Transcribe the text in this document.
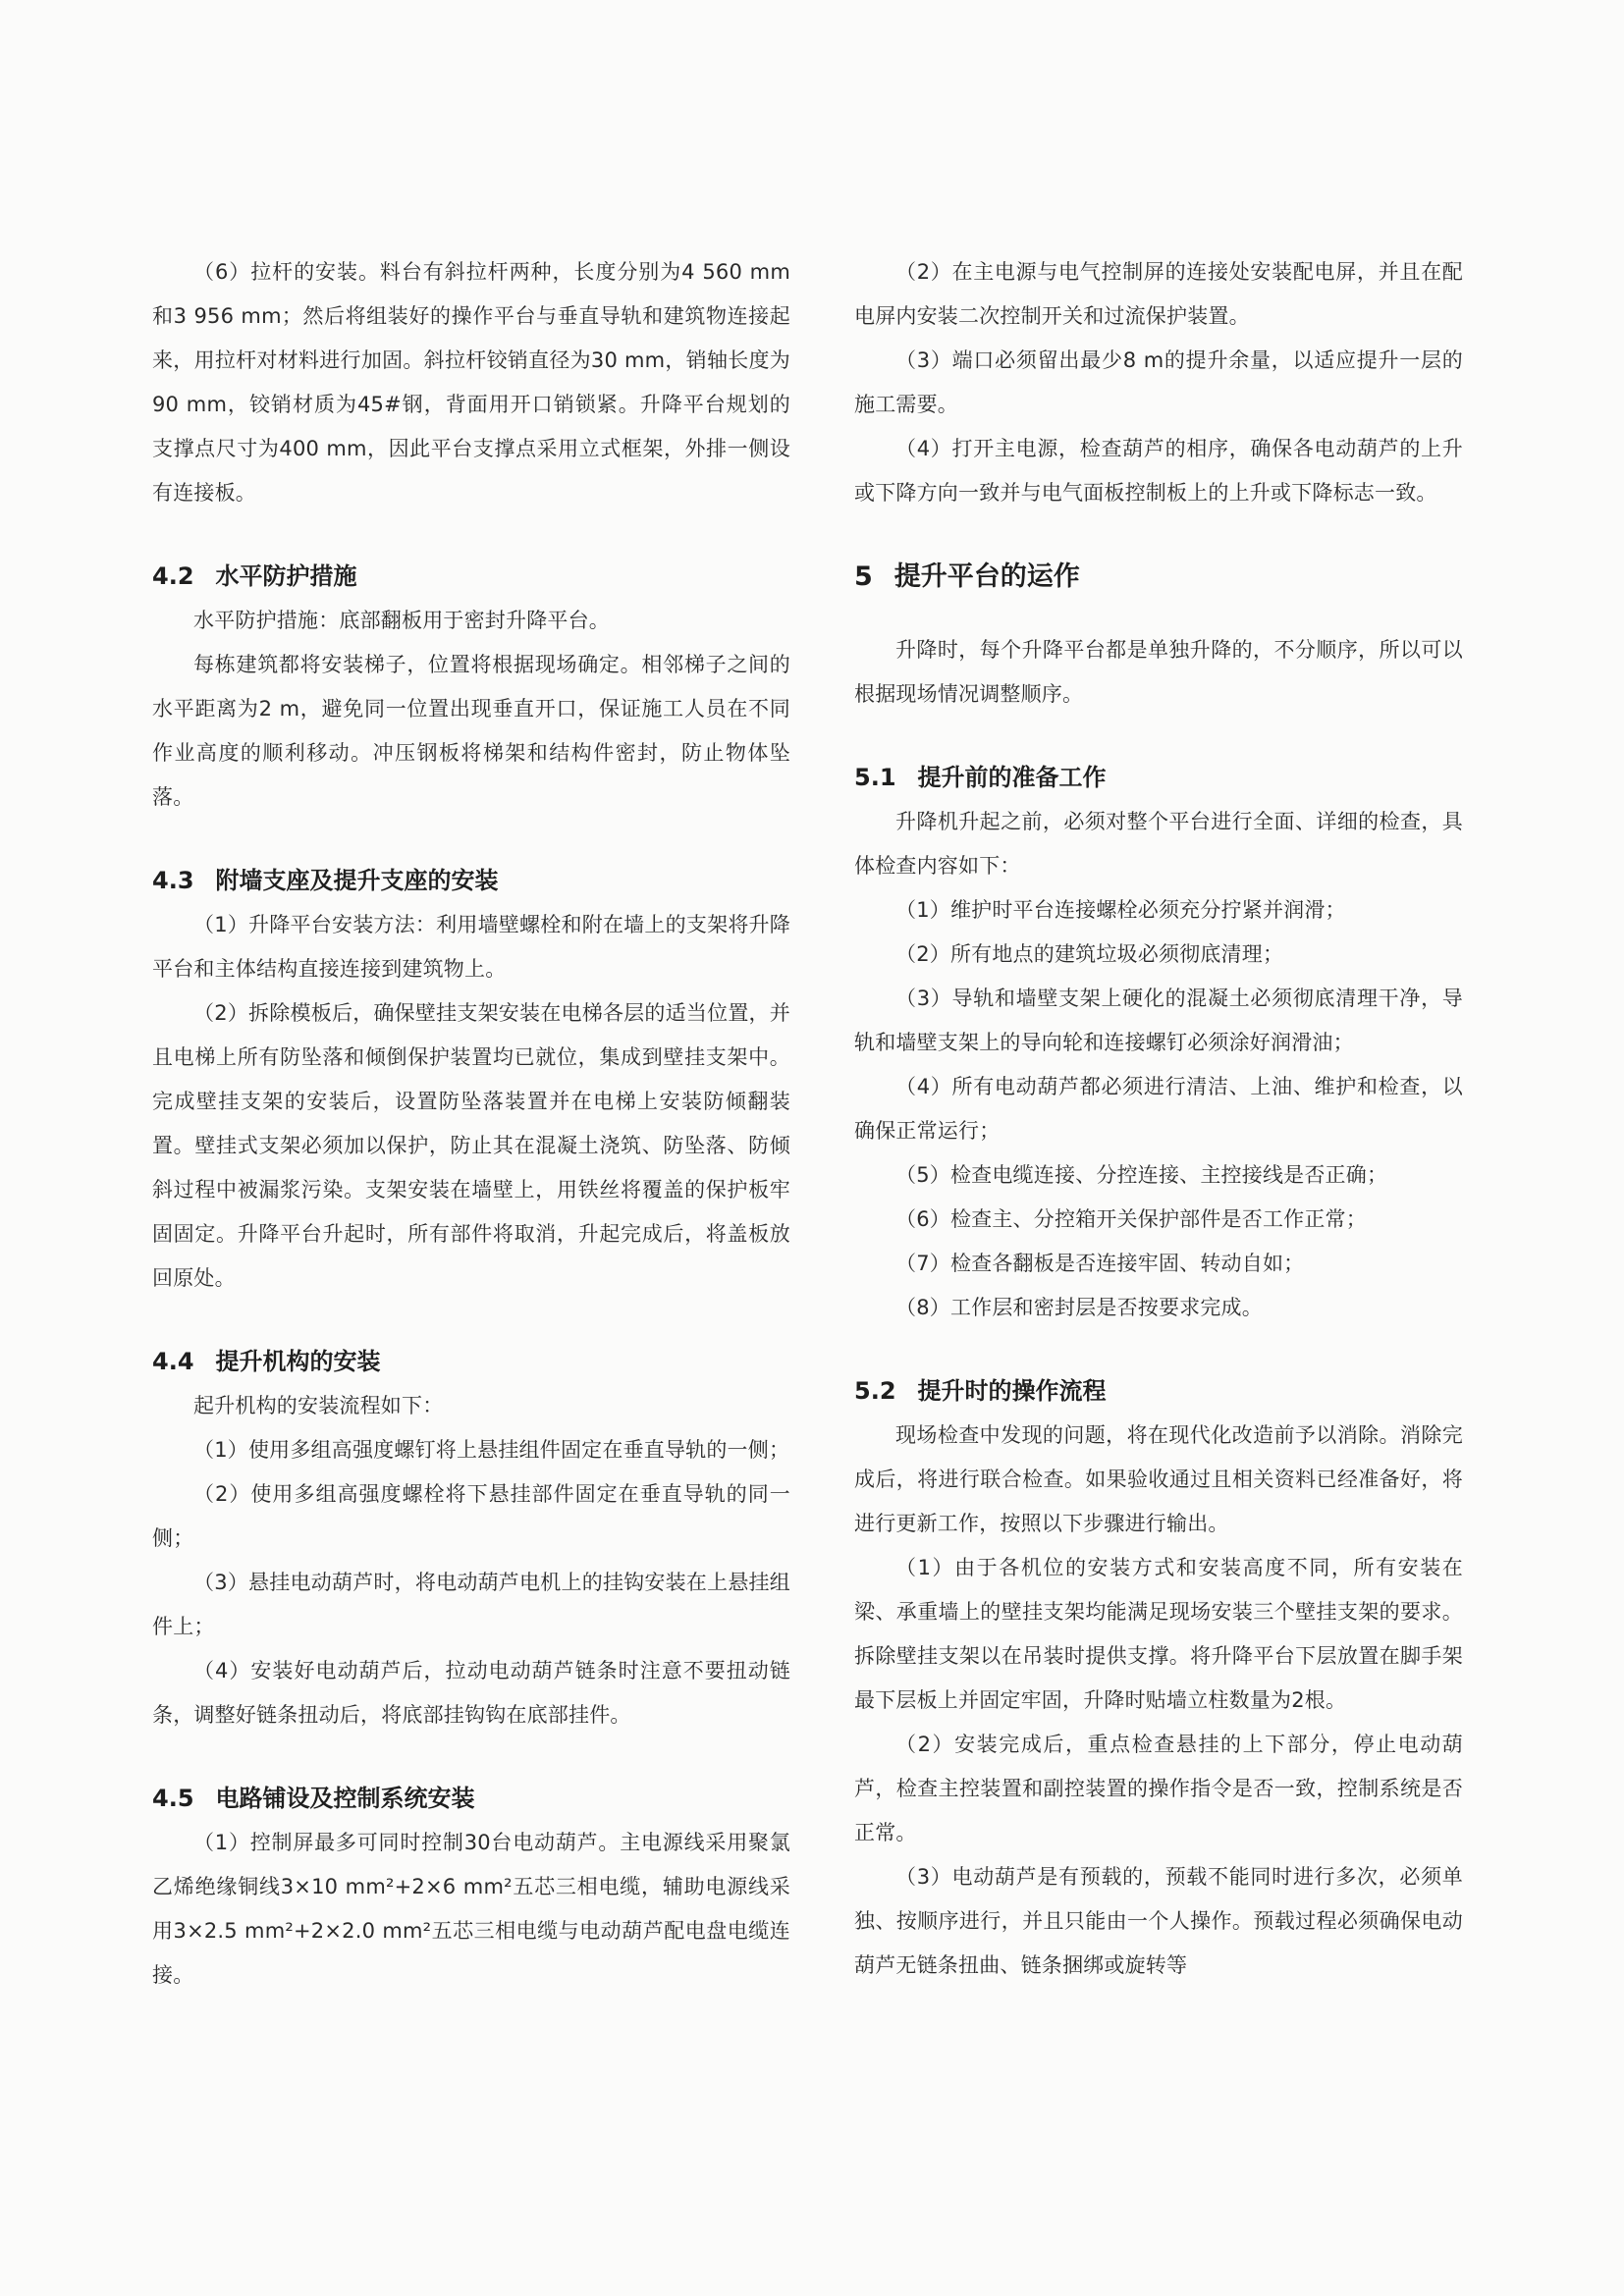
（6）拉杆的安装。料台有斜拉杆两种，长度分别为4 560 mm和3 956 mm；然后将组装好的操作平台与垂直导轨和建筑物连接起来，用拉杆对材料进行加固。斜拉杆铰销直径为30 mm，销轴长度为90 mm，铰销材质为45#钢，背面用开口销锁紧。升降平台规划的支撑点尺寸为400 mm，因此平台支撑点采用立式框架，外排一侧设有连接板。

4.2 水平防护措施

水平防护措施：底部翻板用于密封升降平台。

每栋建筑都将安装梯子，位置将根据现场确定。相邻梯子之间的水平距离为2 m，避免同一位置出现垂直开口，保证施工人员在不同作业高度的顺利移动。冲压钢板将梯架和结构件密封，防止物体坠落。

4.3 附墙支座及提升支座的安装

（1）升降平台安装方法：利用墙壁螺栓和附在墙上的支架将升降平台和主体结构直接连接到建筑物上。

（2）拆除模板后，确保壁挂支架安装在电梯各层的适当位置，并且电梯上所有防坠落和倾倒保护装置均已就位，集成到壁挂支架中。完成壁挂支架的安装后，设置防坠落装置并在电梯上安装防倾翻装置。壁挂式支架必须加以保护，防止其在混凝土浇筑、防坠落、防倾斜过程中被漏浆污染。支架安装在墙壁上，用铁丝将覆盖的保护板牢固固定。升降平台升起时，所有部件将取消，升起完成后，将盖板放回原处。

4.4 提升机构的安装

起升机构的安装流程如下：

（1）使用多组高强度螺钉将上悬挂组件固定在垂直导轨的一侧；

（2）使用多组高强度螺栓将下悬挂部件固定在垂直导轨的同一侧；

（3）悬挂电动葫芦时，将电动葫芦电机上的挂钩安装在上悬挂组件上；

（4）安装好电动葫芦后，拉动电动葫芦链条时注意不要扭动链条，调整好链条扭动后，将底部挂钩钩在底部挂件。

4.5 电路铺设及控制系统安装

（1）控制屏最多可同时控制30台电动葫芦。主电源线采用聚氯乙烯绝缘铜线3×10 mm²+2×6 mm²五芯三相电缆，辅助电源线采用3×2.5 mm²+2×2.0 mm²五芯三相电缆与电动葫芦配电盘电缆连接。

（2）在主电源与电气控制屏的连接处安装配电屏，并且在配电屏内安装二次控制开关和过流保护装置。

（3）端口必须留出最少8 m的提升余量，以适应提升一层的施工需要。

（4）打开主电源，检查葫芦的相序，确保各电动葫芦的上升或下降方向一致并与电气面板控制板上的上升或下降标志一致。

5 提升平台的运作

升降时，每个升降平台都是单独升降的，不分顺序，所以可以根据现场情况调整顺序。

5.1 提升前的准备工作

升降机升起之前，必须对整个平台进行全面、详细的检查，具体检查内容如下：

（1）维护时平台连接螺栓必须充分拧紧并润滑；

（2）所有地点的建筑垃圾必须彻底清理；

（3）导轨和墙壁支架上硬化的混凝土必须彻底清理干净，导轨和墙壁支架上的导向轮和连接螺钉必须涂好润滑油；

（4）所有电动葫芦都必须进行清洁、上油、维护和检查，以确保正常运行；

（5）检查电缆连接、分控连接、主控接线是否正确；

（6）检查主、分控箱开关保护部件是否工作正常；

（7）检查各翻板是否连接牢固、转动自如；

（8）工作层和密封层是否按要求完成。

5.2 提升时的操作流程

现场检查中发现的问题，将在现代化改造前予以消除。消除完成后，将进行联合检查。如果验收通过且相关资料已经准备好，将进行更新工作，按照以下步骤进行输出。

（1）由于各机位的安装方式和安装高度不同，所有安装在梁、承重墙上的壁挂支架均能满足现场安装三个壁挂支架的要求。拆除壁挂支架以在吊装时提供支撑。将升降平台下层放置在脚手架最下层板上并固定牢固，升降时贴墙立柱数量为2根。

（2）安装完成后，重点检查悬挂的上下部分，停止电动葫芦，检查主控装置和副控装置的操作指令是否一致，控制系统是否正常。

（3）电动葫芦是有预载的，预载不能同时进行多次，必须单独、按顺序进行，并且只能由一个人操作。预载过程必须确保电动葫芦无链条扭曲、链条捆绑或旋转等
